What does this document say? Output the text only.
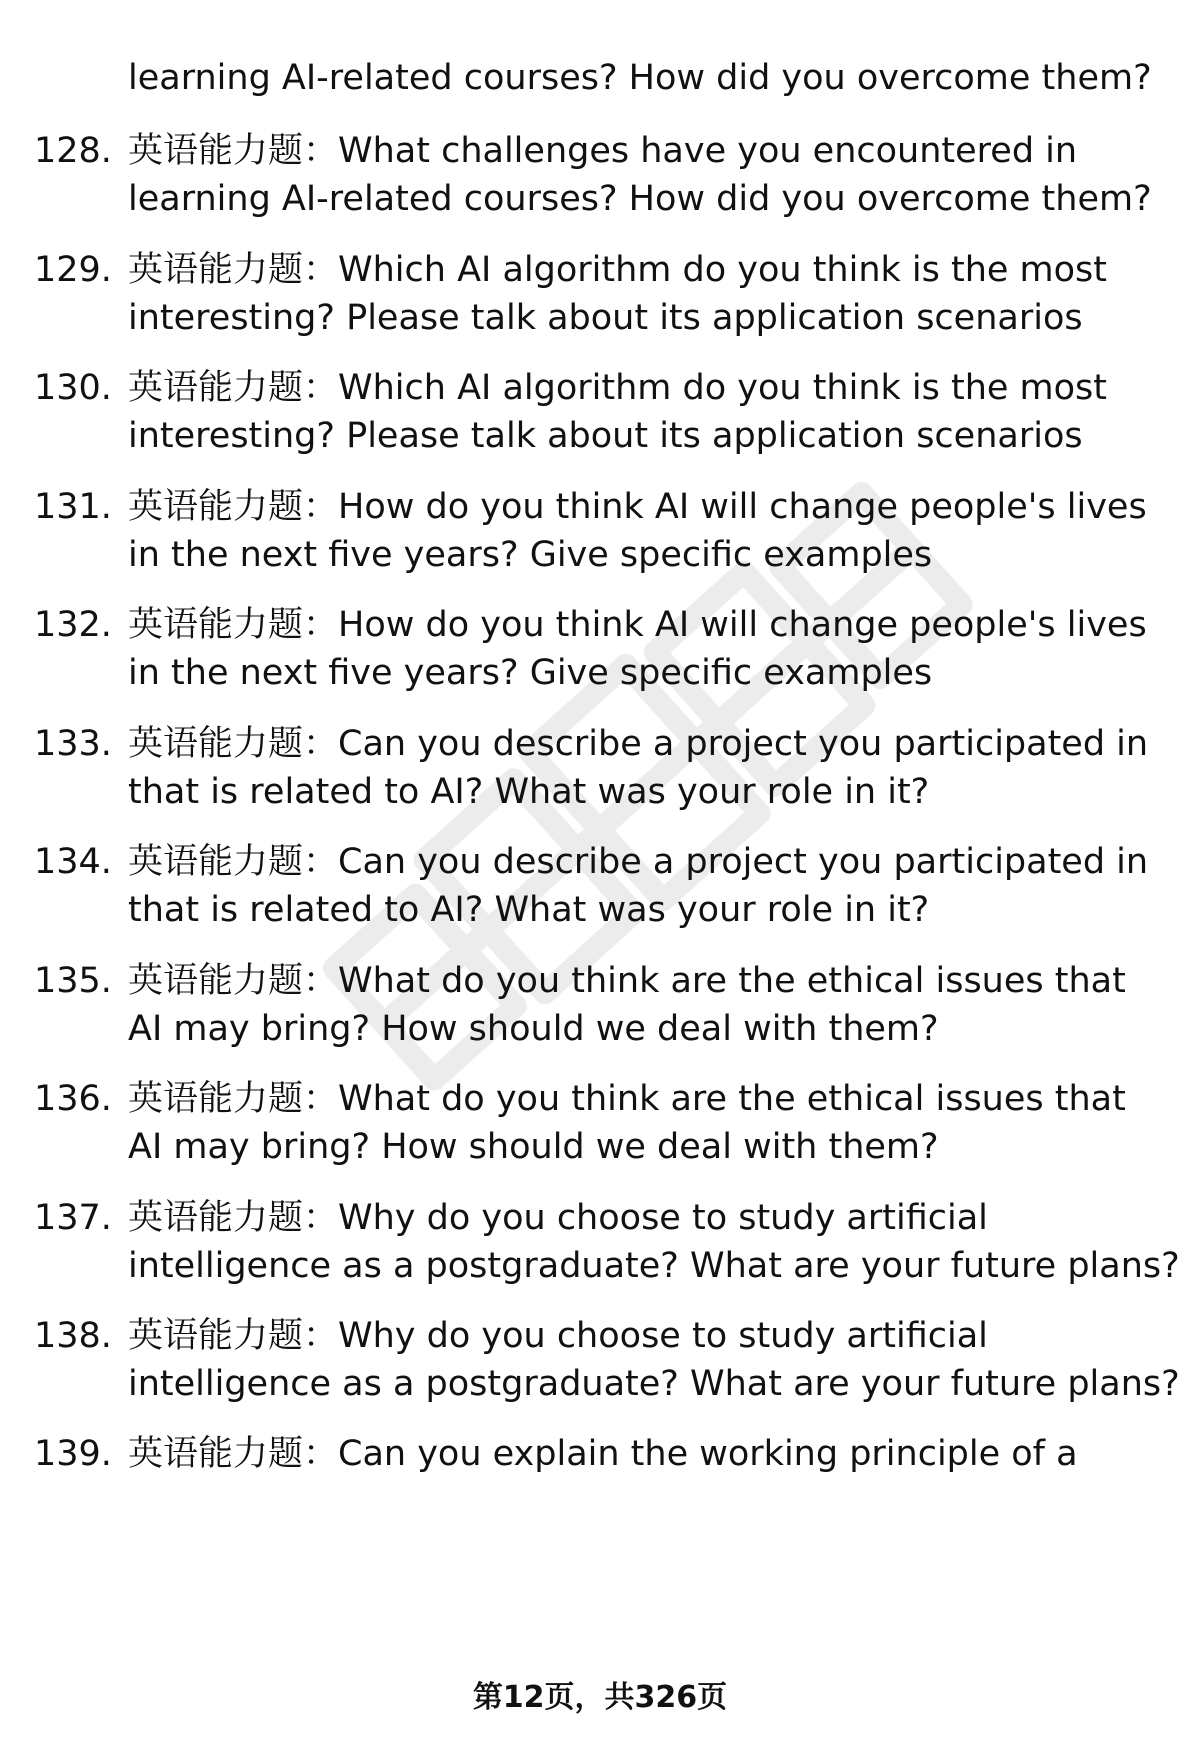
learning AI-related courses? How did you overcome them?
128. 英语能力题：What challenges have you encountered in
learning AI-related courses? How did you overcome them?
129. 英语能力题：Which AI algorithm do you think is the most
interesting? Please talk about its application scenarios
130. 英语能力题：Which AI algorithm do you think is the most
interesting? Please talk about its application scenarios
131. 英语能力题：How do you think AI will change people's lives
in the next five years? Give specific examples
132. 英语能力题：How do you think AI will change people's lives
in the next five years? Give specific examples
133. 英语能力题：Can you describe a project you participated in
that is related to AI? What was your role in it?
134. 英语能力题：Can you describe a project you participated in
that is related to AI? What was your role in it?
135. 英语能力题：What do you think are the ethical issues that
AI may bring? How should we deal with them?
136. 英语能力题：What do you think are the ethical issues that
AI may bring? How should we deal with them?
137. 英语能力题：Why do you choose to study artificial
intelligence as a postgraduate? What are your future plans?
138. 英语能力题：Why do you choose to study artificial
intelligence as a postgraduate? What are your future plans?
139. 英语能力题：Can you explain the working principle of a
第12页，共326页
